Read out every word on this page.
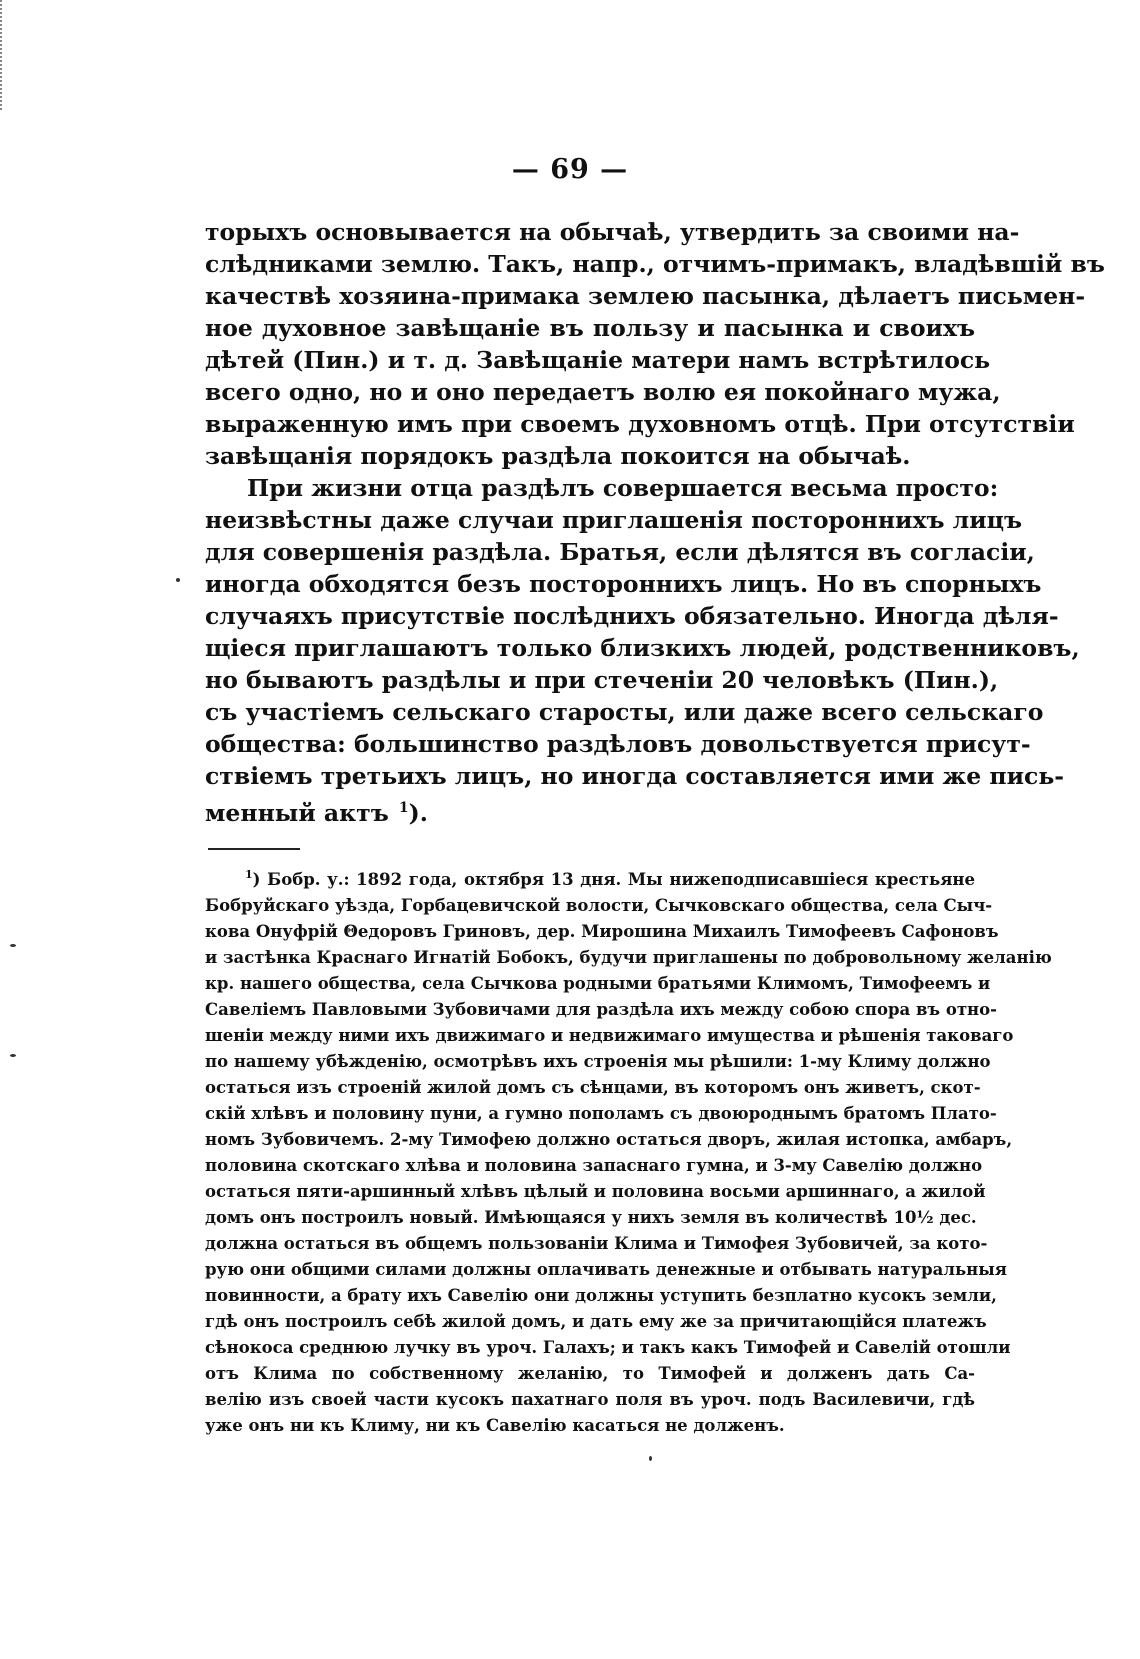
— 69 —
торыхъ основывается на обычаѣ, утвердить за своими на-
слѣдниками землю. Такъ, напр., отчимъ-примакъ, владѣвшій въ
качествѣ хозяина-примака землею пасынка, дѣлаетъ письмен-
ное духовное завѣщаніе въ пользу и пасынка и своихъ
дѣтей (Пин.) и т. д. Завѣщаніе матери намъ встрѣтилось
всего одно, но и оно передаетъ волю ея покойнаго мужа,
выраженную имъ при своемъ духовномъ отцѣ. При отсутствіи
завѣщанія порядокъ раздѣла покоится на обычаѣ.
При жизни отца раздѣлъ совершается весьма просто:
неизвѣстны даже случаи приглашенія постороннихъ лицъ
для совершенія раздѣла. Братья, если дѣлятся въ согласіи,
иногда обходятся безъ постороннихъ лицъ. Но въ спорныхъ
случаяхъ присутствіе послѣднихъ обязательно. Иногда дѣля-
щіеся приглашаютъ только близкихъ людей, родственниковъ,
но бываютъ раздѣлы и при стеченіи 20 человѣкъ (Пин.),
съ участіемъ сельскаго старосты, или даже всего сельскаго
общества: большинство раздѣловъ довольствуется присут-
ствіемъ третьихъ лицъ, но иногда составляется ими же пись-
менный актъ $^1$).
$^1$) Бобр. у.: 1892 года, октября 13 дня. Мы нижеподписавшіеся крестьяне
Бобруйскаго уѣзда, Горбацевичской волости, Сычковскаго общества, села Сыч-
кова Онуфрій Θедоровъ Гриновъ, дер. Мирошина Михаилъ Тимофеевъ Сафоновъ
и застѣнка Краснаго Игнатій Бобокъ, будучи приглашены по добровольному желанію
кр. нашего общества, села Сычкова родными братьями Климомъ, Тимофеемъ и
Савеліемъ Павловыми Зубовичами для раздѣла ихъ между собою спора въ отно-
шеніи между ними ихъ движимаго и недвижимаго имущества и рѣшенія таковаго
по нашему убѣжденію, осмотрѣвъ ихъ строенія мы рѣшили: 1-му Климу должно
остаться изъ строеній жилой домъ съ сѣнцами, въ которомъ онъ живетъ, скот-
скій хлѣвъ и половину пуни, а гумно пополамъ съ двоюроднымъ братомъ Плато-
номъ Зубовичемъ. 2-му Тимофею должно остаться дворъ, жилая истопка, амбаръ,
половина скотскаго хлѣва и половина запаснаго гумна, и 3-му Савелію должно
остаться пяти-аршинный хлѣвъ цѣлый и половина восьми аршиннаго, а жилой
домъ онъ построилъ новый. Имѣющаяся у нихъ земля въ количествѣ 10½ дес.
должна остаться въ общемъ пользованіи Клима и Тимофея Зубовичей, за кото-
рую они общими силами должны оплачивать денежные и отбывать натуральныя
повинности, а брату ихъ Савелію они должны уступить безплатно кусокъ земли,
гдѣ онъ построилъ себѣ жилой домъ, и дать ему же за причитающійся платежъ
сѣнокоса среднюю лучку въ уроч. Галахъ; и такъ какъ Тимофей и Савелій отошли
отъ Клима по собственному желанію, то Тимофей и долженъ дать Са-
велію изъ своей части кусокъ пахатнаго поля въ уроч. подъ Василевичи, гдѣ
уже онъ ни къ Климу, ни къ Савелію касаться не долженъ.
